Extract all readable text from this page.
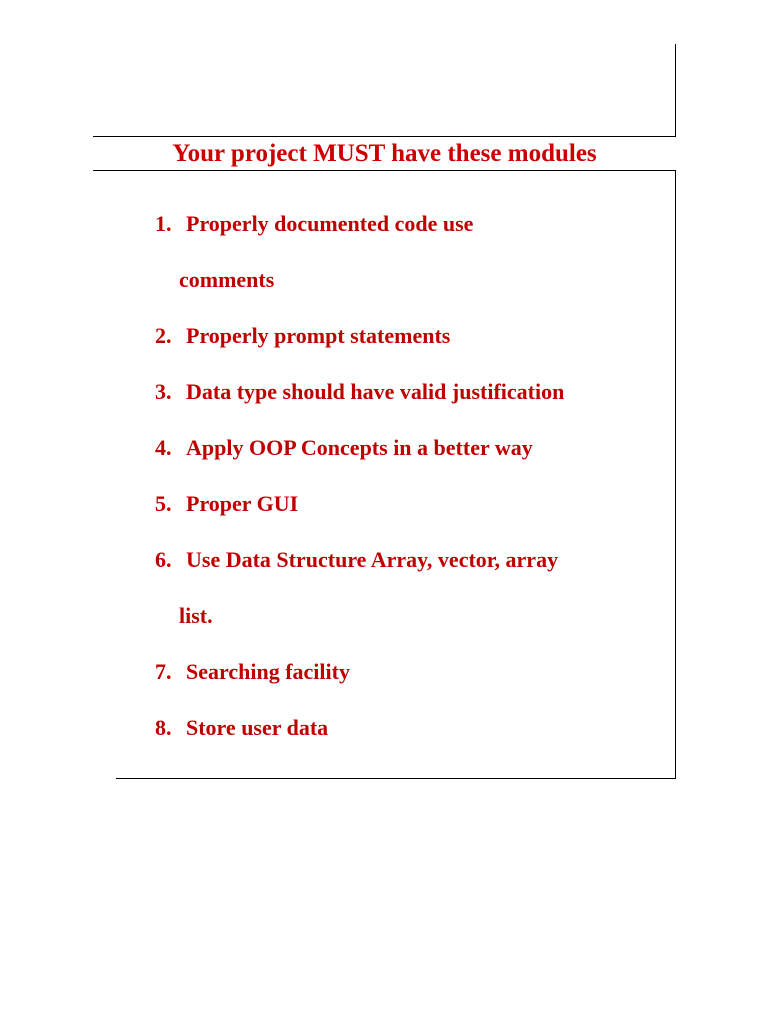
Your project MUST have these modules
1. Properly documented code use
comments
2. Properly prompt statements
3. Data type should have valid justification
4. Apply OOP Concepts in a better way
5. Proper GUI
6. Use Data Structure Array, vector, array
list.
7. Searching facility
8. Store user data
